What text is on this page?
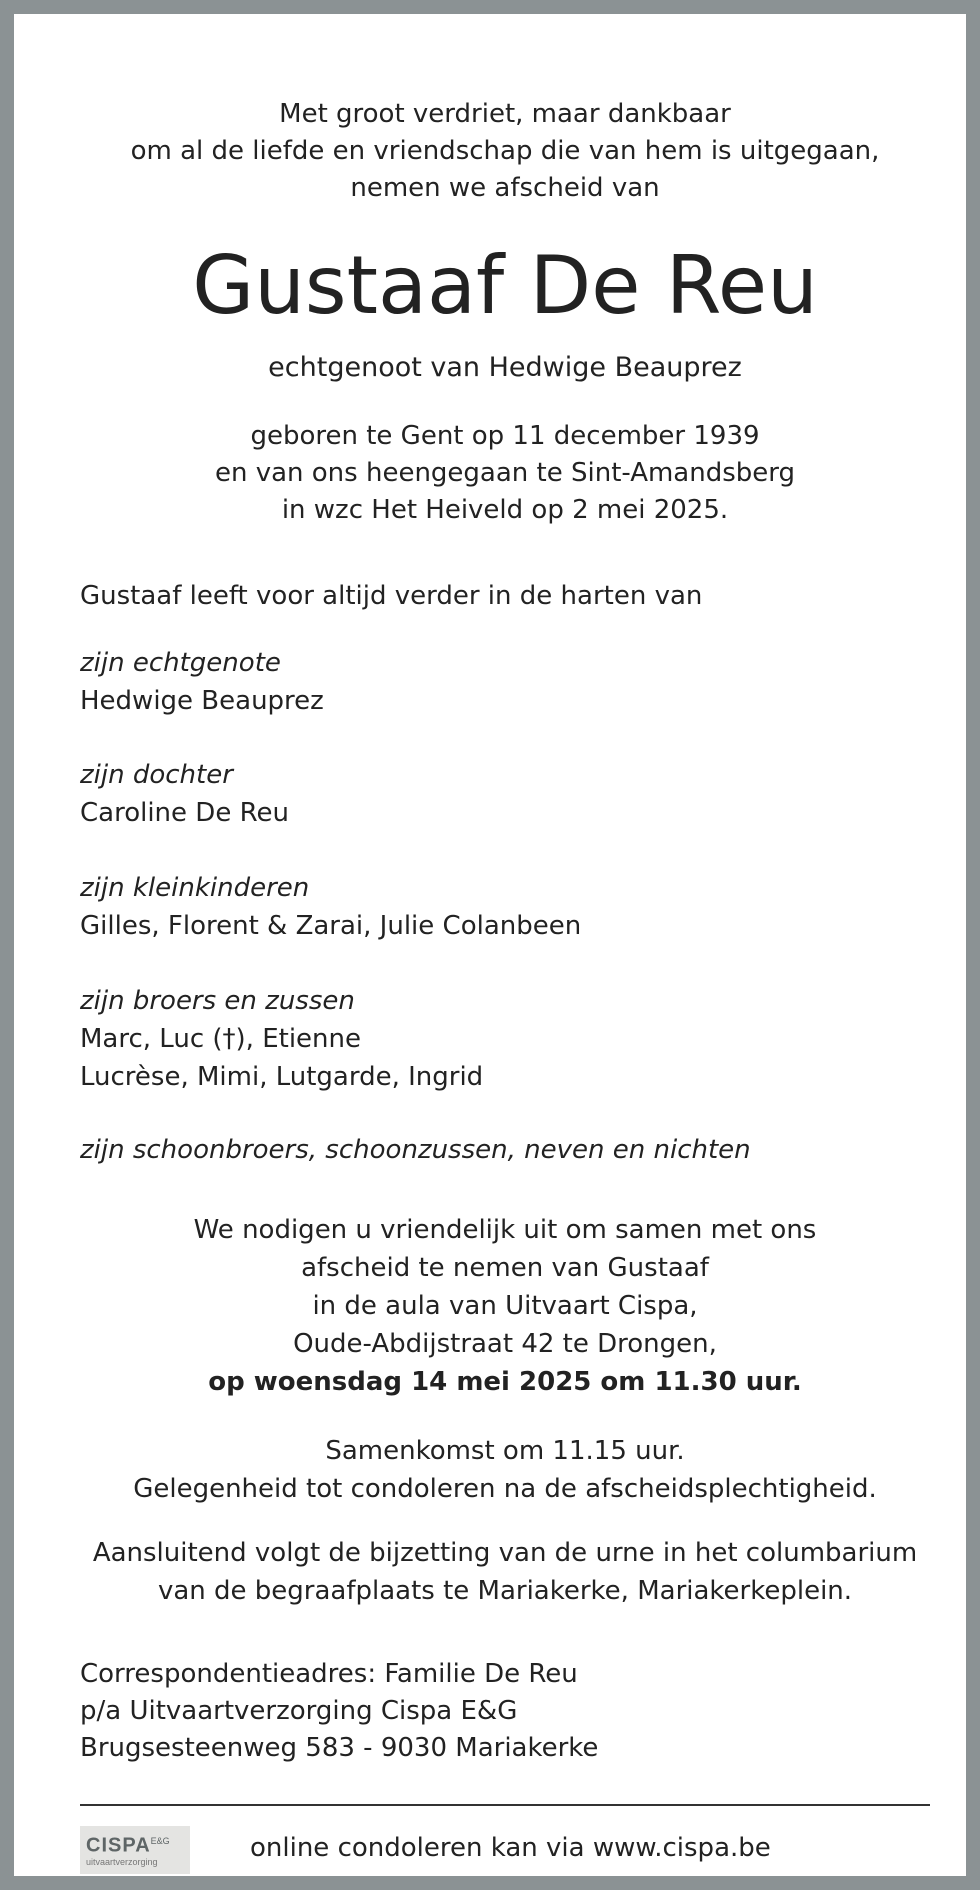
Met groot verdriet, maar dankbaar
om al de liefde en vriendschap die van hem is uitgegaan,
nemen we afscheid van
Gustaaf De Reu
echtgenoot van Hedwige Beauprez
geboren te Gent op 11 december 1939
en van ons heengegaan te Sint-Amandsberg
in wzc Het Heiveld op 2 mei 2025.
Gustaaf leeft voor altijd verder in de harten van
zijn echtgenote
Hedwige Beauprez
zijn dochter
Caroline De Reu
zijn kleinkinderen
Gilles, Florent & Zarai, Julie Colanbeen
zijn broers en zussen
Marc, Luc (†), Etienne
Lucrèse, Mimi, Lutgarde, Ingrid
zijn schoonbroers, schoonzussen, neven en nichten
We nodigen u vriendelijk uit om samen met ons
afscheid te nemen van Gustaaf
in de aula van Uitvaart Cispa,
Oude-Abdijstraat 42 te Drongen,
op woensdag 14 mei 2025 om 11.30 uur.
Samenkomst om 11.15 uur.
Gelegenheid tot condoleren na de afscheidsplechtigheid.
Aansluitend volgt de bijzetting van de urne in het columbarium
van de begraafplaats te Mariakerke, Mariakerkeplein.
Correspondentieadres: Familie De Reu
p/a Uitvaartverzorging Cispa E&G
Brugsesteenweg 583 - 9030 Mariakerke
$CISPA^{E\&G}$
uitvaartverzorging	online condoleren kan via www.cispa.be
